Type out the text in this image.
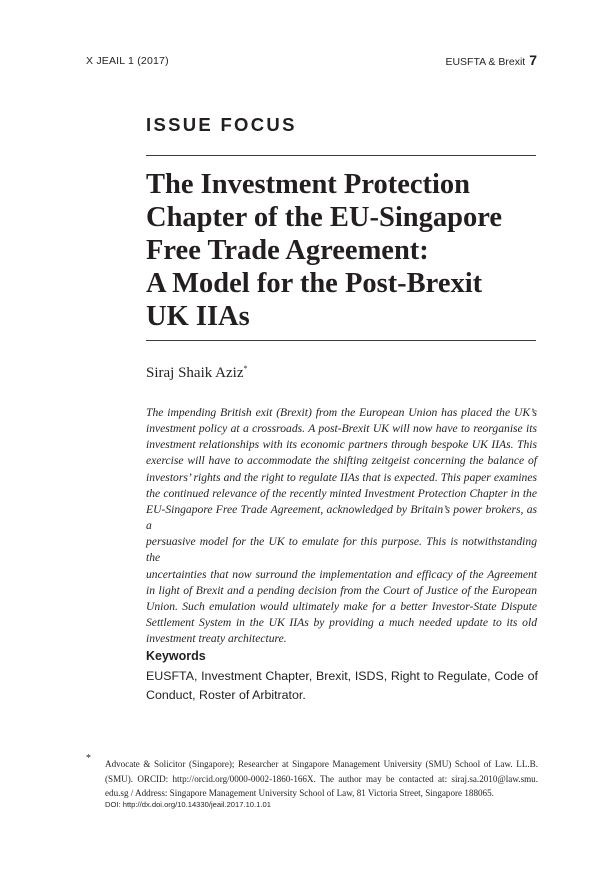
X JEAIL 1 (2017)	EUSFTA & Brexit 7
ISSUE FOCUS
The Investment Protection
Chapter of the EU-Singapore
Free Trade Agreement:
A Model for the Post-Brexit
UK IIAs
Siraj Shaik Aziz*
The impending British exit (Brexit) from the European Union has placed the UK’s
investment policy at a crossroads. A post-Brexit UK will now have to reorganise its
investment relationships with its economic partners through bespoke UK IIAs. This
exercise will have to accommodate the shifting zeitgeist concerning the balance of
investors’ rights and the right to regulate IIAs that is expected. This paper examines
the continued relevance of the recently minted Investment Protection Chapter in the
EU-Singapore Free Trade Agreement, acknowledged by Britain’s power brokers, as a
persuasive model for the UK to emulate for this purpose. This is notwithstanding the
uncertainties that now surround the implementation and efficacy of the Agreement
in light of Brexit and a pending decision from the Court of Justice of the European
Union. Such emulation would ultimately make for a better Investor-State Dispute
Settlement System in the UK IIAs by providing a much needed update to its old
investment treaty architecture.
Keywords
EUSFTA, Investment Chapter, Brexit, ISDS, Right to Regulate, Code of
Conduct, Roster of Arbitrator.
* Advocate & Solicitor (Singapore); Researcher at Singapore Management University (SMU) School of Law. LL.B.
(SMU). ORCID: http://orcid.org/0000-0002-1860-166X. The author may be contacted at: siraj.sa.2010@law.smu.
edu.sg / Address: Singapore Management University School of Law, 81 Victoria Street, Singapore 188065.
DOI: http://dx.doi.org/10.14330/jeail.2017.10.1.01
